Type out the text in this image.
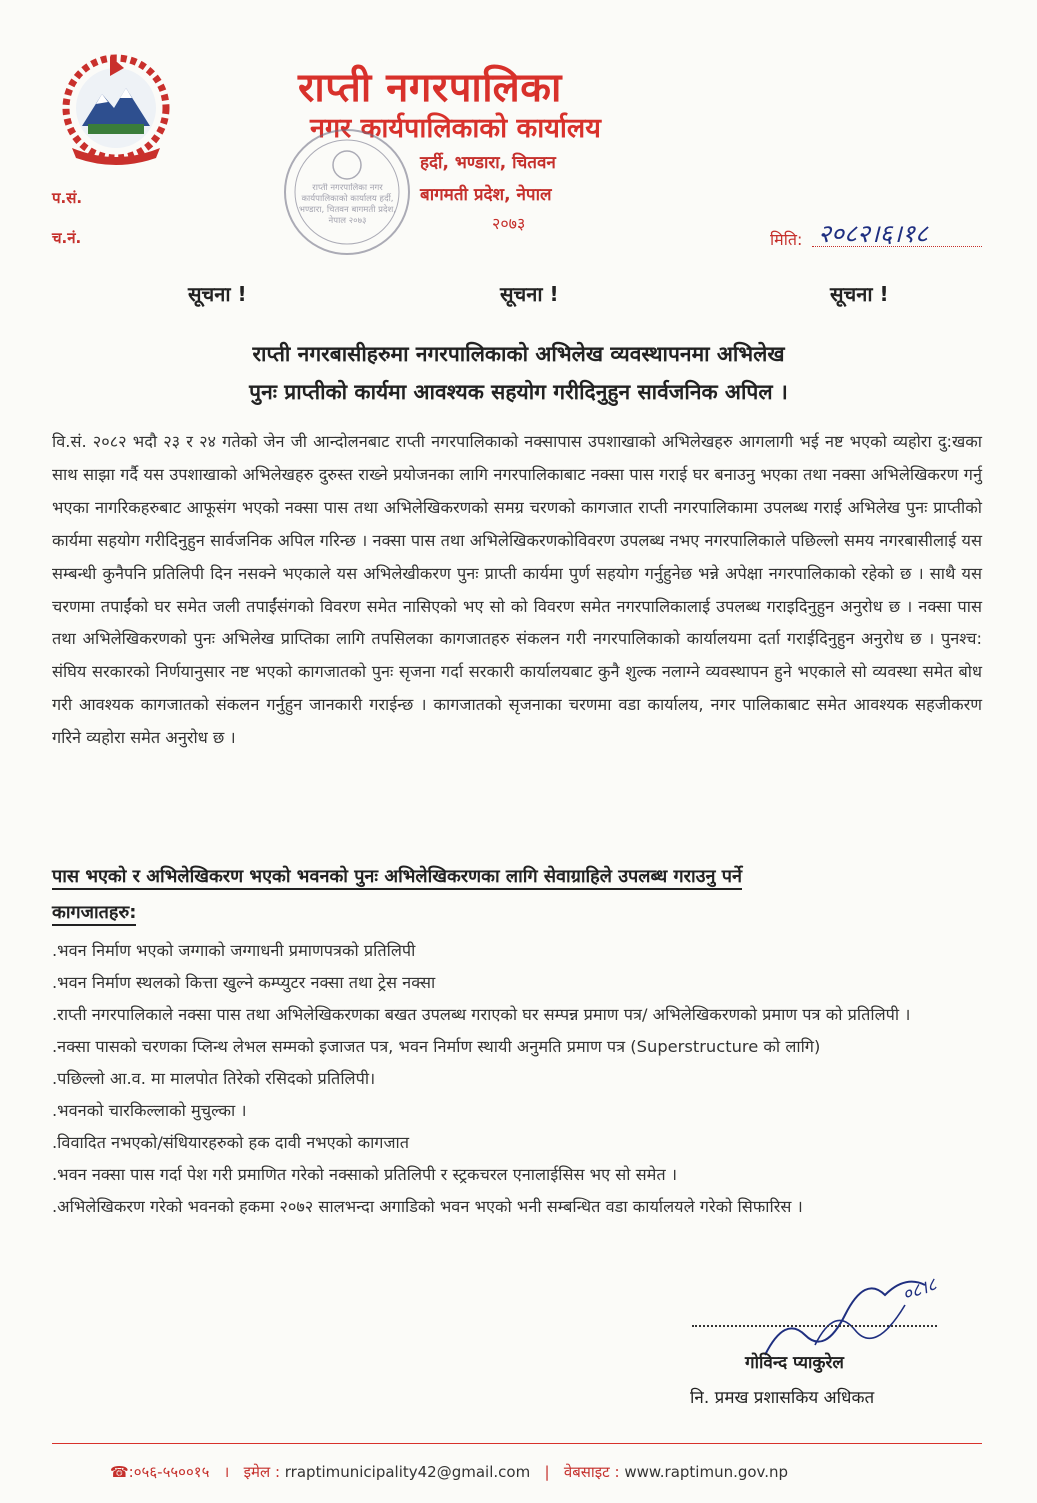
राप्ती नगरपालिका
नगर कार्यपालिकाको कार्यालय
हर्दी, भण्डारा, चितवन
बागमती प्रदेश, नेपाल
२०७३
प.सं.
च.नं.
राप्ती नगरपालिका नगर कार्यपालिकाको कार्यालय हर्दी, भण्डारा, चितवन बागमती प्रदेश, नेपाल २०७३
मिति: २०८२।६।१८
सूचना !	सूचना !	सूचना !
राप्ती नगरबासीहरुमा नगरपालिकाको अभिलेख व्यवस्थापनमा अभिलेख
पुनः प्राप्तीको कार्यमा आवश्यक सहयोग गरीदिनुहुन सार्वजनिक अपिल ।
वि.सं. २०८२ भदौ २३ र २४ गतेको जेन जी आन्दोलनबाट राप्ती नगरपालिकाको नक्सापास उपशाखाको अभिलेखहरु आगलागी भई नष्ट भएको व्यहोरा दु:खका साथ साझा गर्दै यस उपशाखाको अभिलेखहरु दुरुस्त राख्ने प्रयोजनका लागि नगरपालिकाबाट नक्सा पास गराई घर बनाउनु भएका तथा नक्सा अभिलेखिकरण गर्नु भएका नागरिकहरुबाट आफूसंग भएको नक्सा पास तथा अभिलेखिकरणको समग्र चरणको कागजात राप्ती नगरपालिकामा उपलब्ध गराई अभिलेख पुनः प्राप्तीको कार्यमा सहयोग गरीदिनुहुन सार्वजनिक अपिल गरिन्छ । नक्सा पास तथा अभिलेखिकरणकोविवरण उपलब्ध नभए नगरपालिकाले पछिल्लो समय नगरबासीलाई यस सम्बन्धी कुनैपनि प्रतिलिपी दिन नसक्ने भएकाले यस अभिलेखीकरण पुनः प्राप्ती कार्यमा पुर्ण सहयोग गर्नुहुनेछ भन्ने अपेक्षा नगरपालिकाको रहेको छ । साथै यस चरणमा तपाईंको घर समेत जली तपाईंसंगको विवरण समेत नासिएको भए सो को विवरण समेत नगरपालिकालाई उपलब्ध गराइदिनुहुन अनुरोध छ । नक्सा पास तथा अभिलेखिकरणको पुनः अभिलेख प्राप्तिका लागि तपसिलका कागजातहरु संकलन गरी नगरपालिकाको कार्यालयमा दर्ता गराईदिनुहुन अनुरोध छ । पुनश्च: संघिय सरकारको निर्णयानुसार नष्ट भएको कागजातको पुनः सृजना गर्दा सरकारी कार्यालयबाट कुनै शुल्क नलाग्ने व्यवस्थापन हुने भएकाले सो व्यवस्था समेत बोध गरी आवश्यक कागजातको संकलन गर्नुहुन जानकारी गराईन्छ । कागजातको सृजनाका चरणमा वडा कार्यालय, नगर पालिकाबाट समेत आवश्यक सहजीकरण गरिने व्यहोरा समेत अनुरोध छ ।
पास भएको र अभिलेखिकरण भएको भवनको पुनः अभिलेखिकरणका लागि सेवाग्राहिले उपलब्ध गराउनु पर्ने
कागजातहरु:
.भवन निर्माण भएको जग्गाको जग्गाधनी प्रमाणपत्रको प्रतिलिपी
.भवन निर्माण स्थलको कित्ता खुल्ने कम्प्युटर नक्सा तथा ट्रेस नक्सा
.राप्ती नगरपालिकाले नक्सा पास तथा अभिलेखिकरणका बखत उपलब्ध गराएको घर सम्पन्न प्रमाण पत्र/ अभिलेखिकरणको प्रमाण पत्र को प्रतिलिपी ।
.नक्सा पासको चरणका प्लिन्थ लेभल सम्मको इजाजत पत्र, भवन निर्माण स्थायी अनुमति प्रमाण पत्र (Superstructure को लागि)
.पछिल्लो आ.व. मा मालपोत तिरेको रसिदको प्रतिलिपी।
.भवनको चारकिल्लाको मुचुल्का ।
.विवादित नभएको/संधियारहरुको हक दावी नभएको कागजात
.भवन नक्सा पास गर्दा पेश गरी प्रमाणित गरेको नक्साको प्रतिलिपी र स्ट्रकचरल एनालाईसिस भए सो समेत ।
.अभिलेखिकरण गरेको भवनको हकमा २०७२ सालभन्दा अगाडिको भवन भएको भनी सम्बन्धित वडा कार्यालयले गरेको सिफारिस ।
०८।८
गोविन्द प्याकुरेल
नि. प्रमख प्रशासकिय अधिकत
☎:०५६-५५००१५   ।   इमेल : rraptimunicipality42@gmail.com   |   वेबसाइट : www.raptimun.gov.np
